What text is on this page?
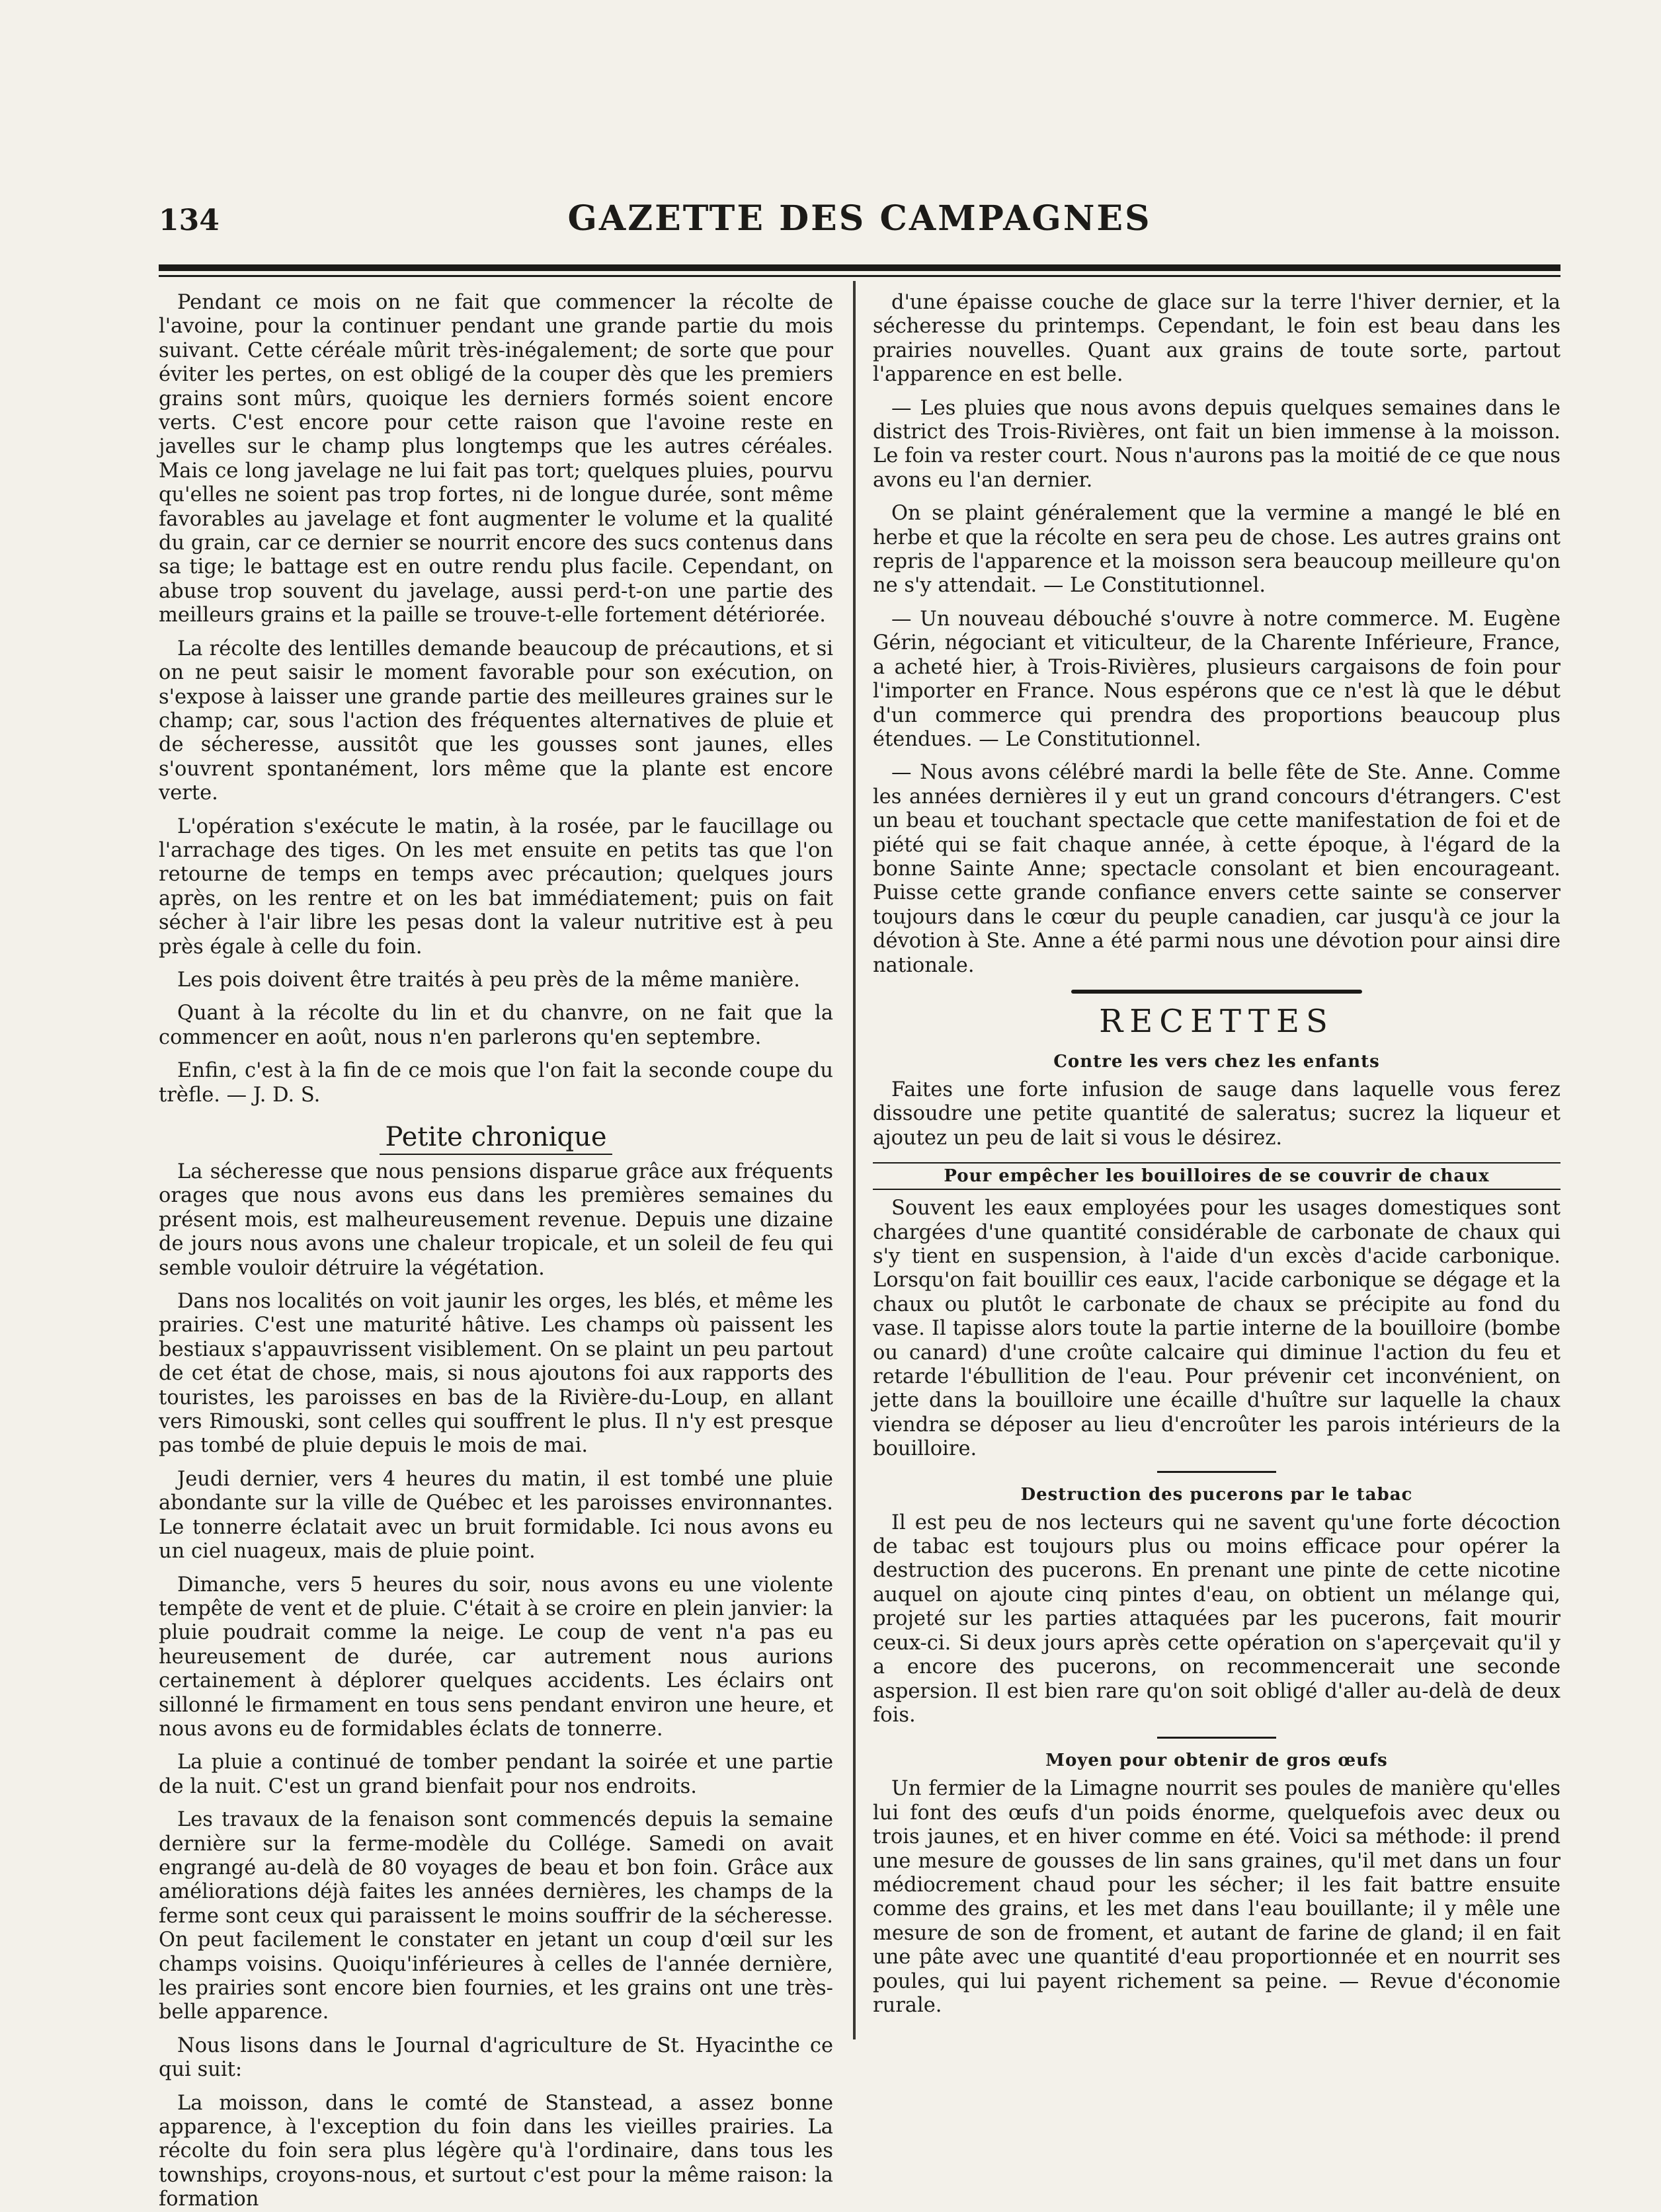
134	GAZETTE DES CAMPAGNES

Pendant ce mois on ne fait que commencer la récolte de l'avoine, pour la continuer pendant une grande partie du mois suivant. Cette céréale mûrit très-inégalement; de sorte que pour éviter les pertes, on est obligé de la couper dès que les premiers grains sont mûrs, quoique les derniers formés soient encore verts. C'est encore pour cette raison que l'avoine reste en javelles sur le champ plus longtemps que les autres céréales. Mais ce long javelage ne lui fait pas tort; quelques pluies, pourvu qu'elles ne soient pas trop fortes, ni de longue durée, sont même favorables au javelage et font augmenter le volume et la qualité du grain, car ce dernier se nourrit encore des sucs contenus dans sa tige; le battage est en outre rendu plus facile. Cependant, on abuse trop souvent du javelage, aussi perd-t-on une partie des meilleurs grains et la paille se trouve-t-elle fortement détériorée.

La récolte des lentilles demande beaucoup de précautions, et si on ne peut saisir le moment favorable pour son exécution, on s'expose à laisser une grande partie des meilleures graines sur le champ; car, sous l'action des fréquentes alternatives de pluie et de sécheresse, aussitôt que les gousses sont jaunes, elles s'ouvrent spontanément, lors même que la plante est encore verte.

L'opération s'exécute le matin, à la rosée, par le faucillage ou l'arrachage des tiges. On les met ensuite en petits tas que l'on retourne de temps en temps avec précaution; quelques jours après, on les rentre et on les bat immédiatement; puis on fait sécher à l'air libre les pesas dont la valeur nutritive est à peu près égale à celle du foin.

Les pois doivent être traités à peu près de la même manière.

Quant à la récolte du lin et du chanvre, on ne fait que la commencer en août, nous n'en parlerons qu'en septembre.

Enfin, c'est à la fin de ce mois que l'on fait la seconde coupe du trèfle. — J. D. S.

Petite chronique

La sécheresse que nous pensions disparue grâce aux fréquents orages que nous avons eus dans les premières semaines du présent mois, est malheureusement revenue. Depuis une dizaine de jours nous avons une chaleur tropicale, et un soleil de feu qui semble vouloir détruire la végétation.

Dans nos localités on voit jaunir les orges, les blés, et même les prairies. C'est une maturité hâtive. Les champs où paissent les bestiaux s'appauvrissent visiblement. On se plaint un peu partout de cet état de chose, mais, si nous ajoutons foi aux rapports des touristes, les paroisses en bas de la Rivière-du-Loup, en allant vers Rimouski, sont celles qui souffrent le plus. Il n'y est presque pas tombé de pluie depuis le mois de mai.

Jeudi dernier, vers 4 heures du matin, il est tombé une pluie abondante sur la ville de Québec et les paroisses environnantes. Le tonnerre éclatait avec un bruit formidable. Ici nous avons eu un ciel nuageux, mais de pluie point.

Dimanche, vers 5 heures du soir, nous avons eu une violente tempête de vent et de pluie. C'était à se croire en plein janvier: la pluie poudrait comme la neige. Le coup de vent n'a pas eu heureusement de durée, car autrement nous aurions certainement à déplorer quelques accidents. Les éclairs ont sillonné le firmament en tous sens pendant environ une heure, et nous avons eu de formidables éclats de tonnerre.

La pluie a continué de tomber pendant la soirée et une partie de la nuit. C'est un grand bienfait pour nos endroits.

Les travaux de la fenaison sont commencés depuis la semaine dernière sur la ferme-modèle du Collége. Samedi on avait engrangé au-delà de 80 voyages de beau et bon foin. Grâce aux améliorations déjà faites les années dernières, les champs de la ferme sont ceux qui paraissent le moins souffrir de la sécheresse. On peut facilement le constater en jetant un coup d'œil sur les champs voisins. Quoiqu'inférieures à celles de l'année dernière, les prairies sont encore bien fournies, et les grains ont une très-belle apparence.

Nous lisons dans le Journal d'agriculture de St. Hyacinthe ce qui suit:

La moisson, dans le comté de Stanstead, a assez bonne apparence, à l'exception du foin dans les vieilles prairies. La récolte du foin sera plus légère qu'à l'ordinaire, dans tous les townships, croyons-nous, et surtout c'est pour la même raison: la formation

d'une épaisse couche de glace sur la terre l'hiver dernier, et la sécheresse du printemps. Cependant, le foin est beau dans les prairies nouvelles. Quant aux grains de toute sorte, partout l'apparence en est belle.

— Les pluies que nous avons depuis quelques semaines dans le district des Trois-Rivières, ont fait un bien immense à la moisson. Le foin va rester court. Nous n'aurons pas la moitié de ce que nous avons eu l'an dernier.

On se plaint généralement que la vermine a mangé le blé en herbe et que la récolte en sera peu de chose. Les autres grains ont repris de l'apparence et la moisson sera beaucoup meilleure qu'on ne s'y attendait. — Le Constitutionnel.

— Un nouveau débouché s'ouvre à notre commerce. M. Eugène Gérin, négociant et viticulteur, de la Charente Inférieure, France, a acheté hier, à Trois-Rivières, plusieurs cargaisons de foin pour l'importer en France. Nous espérons que ce n'est là que le début d'un commerce qui prendra des proportions beaucoup plus étendues. — Le Constitutionnel.

— Nous avons célébré mardi la belle fête de Ste. Anne. Comme les années dernières il y eut un grand concours d'étrangers. C'est un beau et touchant spectacle que cette manifestation de foi et de piété qui se fait chaque année, à cette époque, à l'égard de la bonne Sainte Anne; spectacle consolant et bien encourageant. Puisse cette grande confiance envers cette sainte se conserver toujours dans le cœur du peuple canadien, car jusqu'à ce jour la dévotion à Ste. Anne a été parmi nous une dévotion pour ainsi dire nationale.

RECETTES
Contre les vers chez les enfants

Faites une forte infusion de sauge dans laquelle vous ferez dissoudre une petite quantité de saleratus; sucrez la liqueur et ajoutez un peu de lait si vous le désirez.

Pour empêcher les bouilloires de se couvrir de chaux

Souvent les eaux employées pour les usages domestiques sont chargées d'une quantité considérable de carbonate de chaux qui s'y tient en suspension, à l'aide d'un excès d'acide carbonique. Lorsqu'on fait bouillir ces eaux, l'acide carbonique se dégage et la chaux ou plutôt le carbonate de chaux se précipite au fond du vase. Il tapisse alors toute la partie interne de la bouilloire (bombe ou canard) d'une croûte calcaire qui diminue l'action du feu et retarde l'ébullition de l'eau. Pour prévenir cet inconvénient, on jette dans la bouilloire une écaille d'huître sur laquelle la chaux viendra se déposer au lieu d'encroûter les parois intérieurs de la bouilloire.

Destruction des pucerons par le tabac

Il est peu de nos lecteurs qui ne savent qu'une forte décoction de tabac est toujours plus ou moins efficace pour opérer la destruction des pucerons. En prenant une pinte de cette nicotine auquel on ajoute cinq pintes d'eau, on obtient un mélange qui, projeté sur les parties attaquées par les pucerons, fait mourir ceux-ci. Si deux jours après cette opération on s'aperçevait qu'il y a encore des pucerons, on recommencerait une seconde aspersion. Il est bien rare qu'on soit obligé d'aller au-delà de deux fois.

Moyen pour obtenir de gros œufs

Un fermier de la Limagne nourrit ses poules de manière qu'elles lui font des œufs d'un poids énorme, quelquefois avec deux ou trois jaunes, et en hiver comme en été. Voici sa méthode: il prend une mesure de gousses de lin sans graines, qu'il met dans un four médiocrement chaud pour les sécher; il les fait battre ensuite comme des grains, et les met dans l'eau bouillante; il y mêle une mesure de son de froment, et autant de farine de gland; il en fait une pâte avec une quantité d'eau proportionnée et en nourrit ses poules, qui lui payent richement sa peine. — Revue d'économie rurale.
